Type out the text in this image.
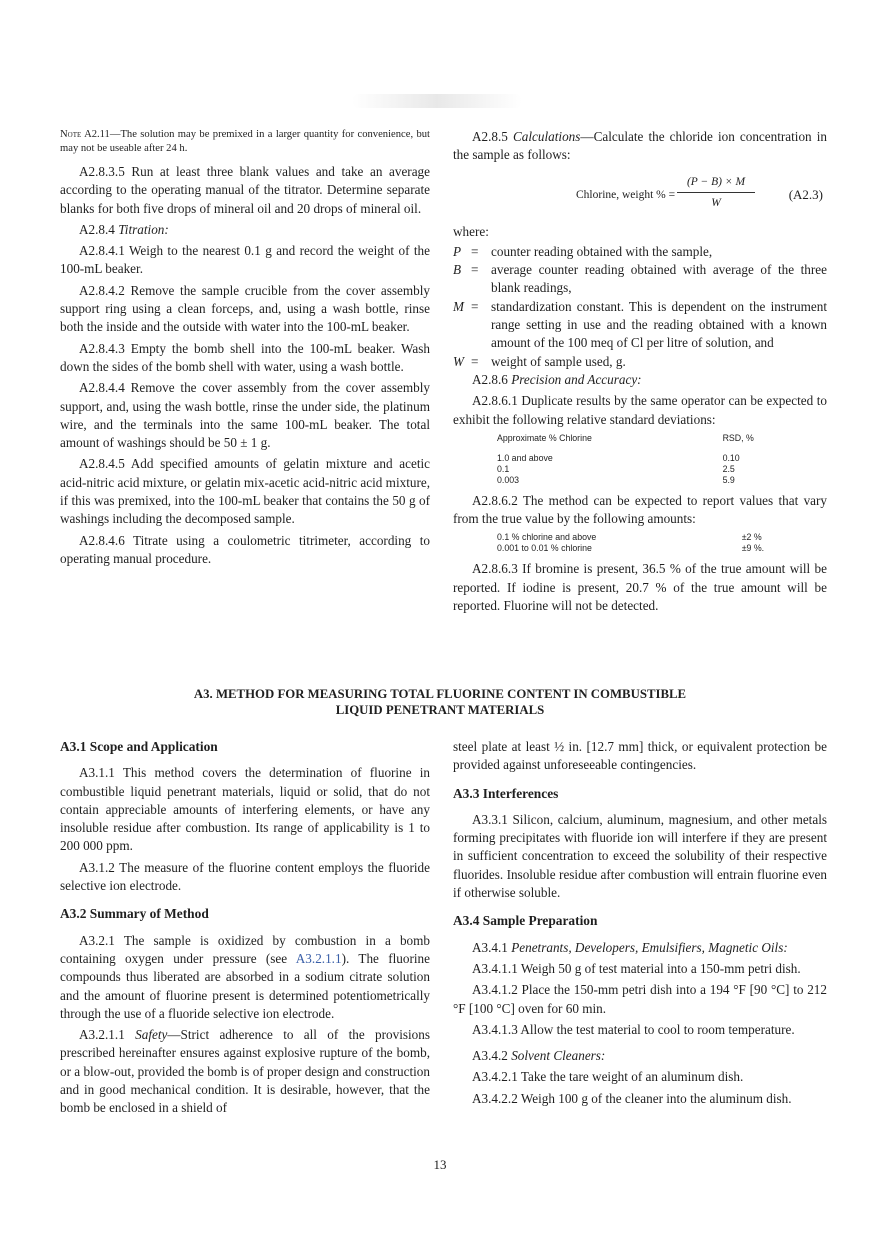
Note A2.11—The solution may be premixed in a larger quantity for convenience, but may not be useable after 24 h.

A2.8.3.5 Run at least three blank values and take an average according to the operating manual of the titrator. Determine separate blanks for both five drops of mineral oil and 20 drops of mineral oil.

A2.8.4 Titration:

A2.8.4.1 Weigh to the nearest 0.1 g and record the weight of the 100-mL beaker.

A2.8.4.2 Remove the sample crucible from the cover assembly support ring using a clean forceps, and, using a wash bottle, rinse both the inside and the outside with water into the 100-mL beaker.

A2.8.4.3 Empty the bomb shell into the 100-mL beaker. Wash down the sides of the bomb shell with water, using a wash bottle.

A2.8.4.4 Remove the cover assembly from the cover assembly support, and, using the wash bottle, rinse the under side, the platinum wire, and the terminals into the same 100-mL beaker. The total amount of washings should be 50 ± 1 g.

A2.8.4.5 Add specified amounts of gelatin mixture and acetic acid-nitric acid mixture, or gelatin mix-acetic acid-nitric acid mixture, if this was premixed, into the 100-mL beaker that contains the 50 g of washings including the decomposed sample.

A2.8.4.6 Titrate using a coulometric titrimeter, according to operating manual procedure.

A2.8.5 Calculations—Calculate the chloride ion concentration in the sample as follows:

Chlorine, weight % = $\frac{(P - B) \times M}{W}$	(A2.3)
where:
P = counter reading obtained with the sample,
B = average counter reading obtained with average of the three blank readings,
M = standardization constant. This is dependent on the instrument range setting in use and the reading obtained with a known amount of the 100 meq of Cl per litre of solution, and
W = weight of sample used, g.

A2.8.6 Precision and Accuracy:

A2.8.6.1 Duplicate results by the same operator can be expected to exhibit the following relative standard deviations:

Approximate % Chlorine	RSD, %
1.0 and above	0.10
0.1	2.5
0.003	5.9

A2.8.6.2 The method can be expected to report values that vary from the true value by the following amounts:

0.1 % chlorine and above	±2 %
0.001 to 0.01 % chlorine	±9 %.

A2.8.6.3 If bromine is present, 36.5 % of the true amount will be reported. If iodine is present, 20.7 % of the true amount will be reported. Fluorine will not be detected.

A3. METHOD FOR MEASURING TOTAL FLUORINE CONTENT IN COMBUSTIBLE
LIQUID PENETRANT MATERIALS

A3.1 Scope and Application

A3.1.1 This method covers the determination of fluorine in combustible liquid penetrant materials, liquid or solid, that do not contain appreciable amounts of interfering elements, or have any insoluble residue after combustion. Its range of applicability is 1 to 200 000 ppm.

A3.1.2 The measure of the fluorine content employs the fluoride selective ion electrode.

A3.2 Summary of Method

A3.2.1 The sample is oxidized by combustion in a bomb containing oxygen under pressure (see A3.2.1.1). The fluorine compounds thus liberated are absorbed in a sodium citrate solution and the amount of fluorine present is determined potentiometrically through the use of a fluoride selective ion electrode.

A3.2.1.1 Safety—Strict adherence to all of the provisions prescribed hereinafter ensures against explosive rupture of the bomb, or a blow-out, provided the bomb is of proper design and construction and in good mechanical condition. It is desirable, however, that the bomb be enclosed in a shield of

steel plate at least ½ in. [12.7 mm] thick, or equivalent protection be provided against unforeseeable contingencies.

A3.3 Interferences

A3.3.1 Silicon, calcium, aluminum, magnesium, and other metals forming precipitates with fluoride ion will interfere if they are present in sufficient concentration to exceed the solubility of their respective fluorides. Insoluble residue after combustion will entrain fluorine even if otherwise soluble.

A3.4 Sample Preparation

A3.4.1 Penetrants, Developers, Emulsifiers, Magnetic Oils:

A3.4.1.1 Weigh 50 g of test material into a 150-mm petri dish.

A3.4.1.2 Place the 150-mm petri dish into a 194 °F [90 °C] to 212 °F [100 °C] oven for 60 min.

A3.4.1.3 Allow the test material to cool to room temperature.

A3.4.2 Solvent Cleaners:

A3.4.2.1 Take the tare weight of an aluminum dish.

A3.4.2.2 Weigh 100 g of the cleaner into the aluminum dish.

13
